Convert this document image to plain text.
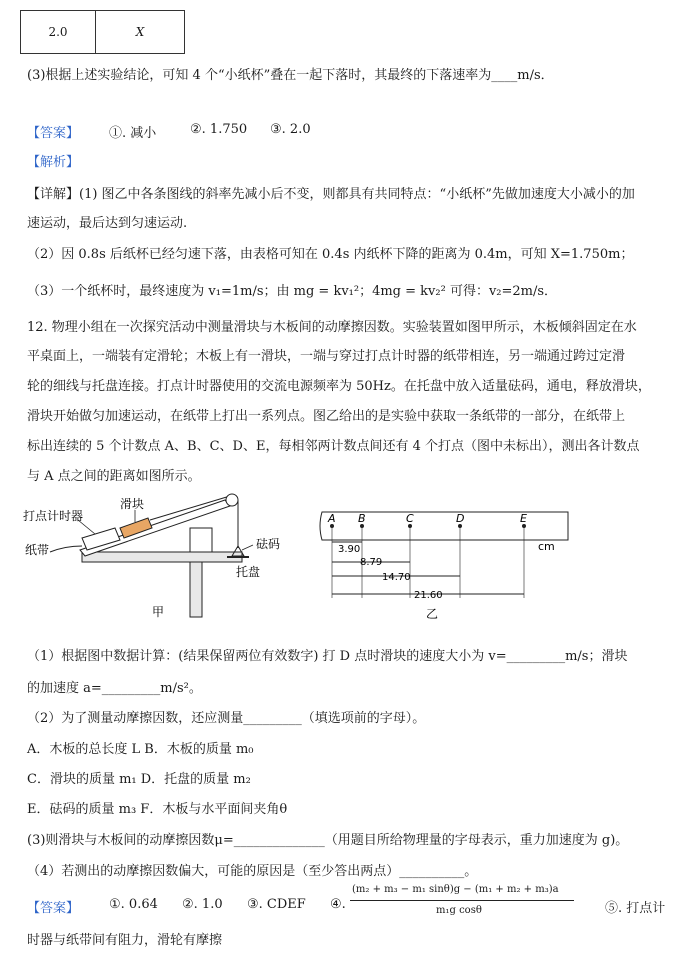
2.0	X
(3)根据上述实验结论，可知 4 个“小纸杯”叠在一起下落时，其最终的下落速率为____m/s．
【答案】 ①. 减小	②. 1.750 ③. 2.0
【解析】
【详解】(1) 图乙中各条图线的斜率先减小后不变，则都具有共同特点：“小纸杯”先做加速度大小减小的加
速运动，最后达到匀速运动.
（2）因 0.8s 后纸杯已经匀速下落，由表格可知在 0.4s 内纸杯下降的距离为 0.4m，可知 X=1.750m；
（3）一个纸杯时，最终速度为 v₁=1m/s；由 mg = kv₁²；4mg = kv₂² 可得：v₂=2m/s．
12. 物理小组在一次探究活动中测量滑块与木板间的动摩擦因数。实验装置如图甲所示，木板倾斜固定在水
平桌面上，一端装有定滑轮；木板上有一滑块，一端与穿过打点计时器的纸带相连，另一端通过跨过定滑
轮的细线与托盘连接。打点计时器使用的交流电源频率为 50Hz。在托盘中放入适量砝码，通电，释放滑块，
滑块开始做匀加速运动，在纸带上打出一系列点。图乙给出的是实验中获取一条纸带的一部分，在纸带上
标出连续的 5 个计数点 A、B、C、D、E，每相邻两计数点间还有 4 个打点（图中未标出），测出各计数点
与 A 点之间的距离如图所示。
打点计时器
滑块
纸带	砝码
托盘
甲
A B	C	D	E
cm
3.90
8.79
14.70
21.60
乙
（1）根据图中数据计算：(结果保留两位有效数字) 打 D 点时滑块的速度大小为 v=_________m/s；滑块
的加速度 a=_________m/s²。
（2）为了测量动摩擦因数，还应测量_________（填选项前的字母）。
A．木板的总长度 L B．木板的质量 m₀
C．滑块的质量 m₁ D．托盘的质量 m₂
E．砝码的质量 m₃ F．木板与水平面间夹角θ
(3)则滑块与木板间的动摩擦因数μ=______________（用题目所给物理量的字母表示，重力加速度为 g)。
（4）若测出的动摩擦因数偏大，可能的原因是（至少答出两点）__________。
【答案】 ①. 0.64 ②. 1.0 ③. CDEF ④.
(m₂ + m₃ − m₁ sinθ)g − (m₁ + m₂ + m₃)a
m₁g cosθ	⑤. 打点计
时器与纸带间有阻力，滑轮有摩擦
